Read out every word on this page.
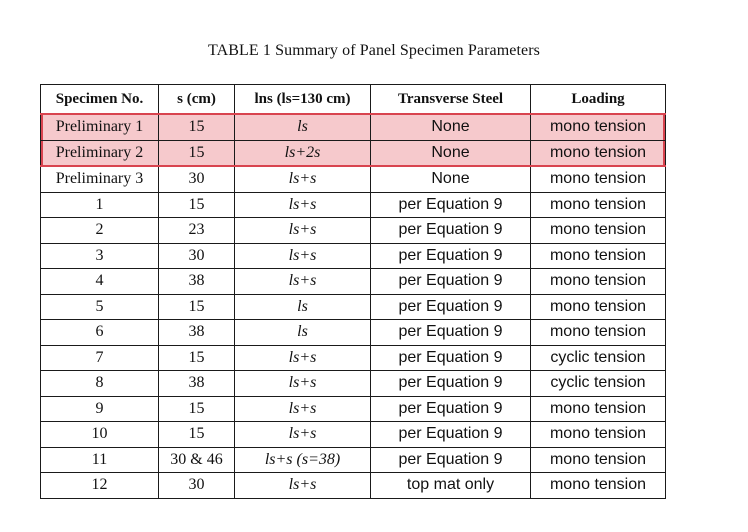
TABLE 1 Summary of Panel Specimen Parameters
Specimen No.	s (cm)	lns (ls=130 cm)	Transverse Steel	Loading
Preliminary 1	15	ls	None	mono tension
Preliminary 2	15	ls+2s	None	mono tension
Preliminary 3	30	ls+s	None	mono tension
1	15	ls+s	per Equation 9	mono tension
2	23	ls+s	per Equation 9	mono tension
3	30	ls+s	per Equation 9	mono tension
4	38	ls+s	per Equation 9	mono tension
5	15	ls	per Equation 9	mono tension
6	38	ls	per Equation 9	mono tension
7	15	ls+s	per Equation 9	cyclic tension
8	38	ls+s	per Equation 9	cyclic tension
9	15	ls+s	per Equation 9	mono tension
10	15	ls+s	per Equation 9	mono tension
11	30 & 46	ls+s (s=38)	per Equation 9	mono tension
12	30	ls+s	top mat only	mono tension
